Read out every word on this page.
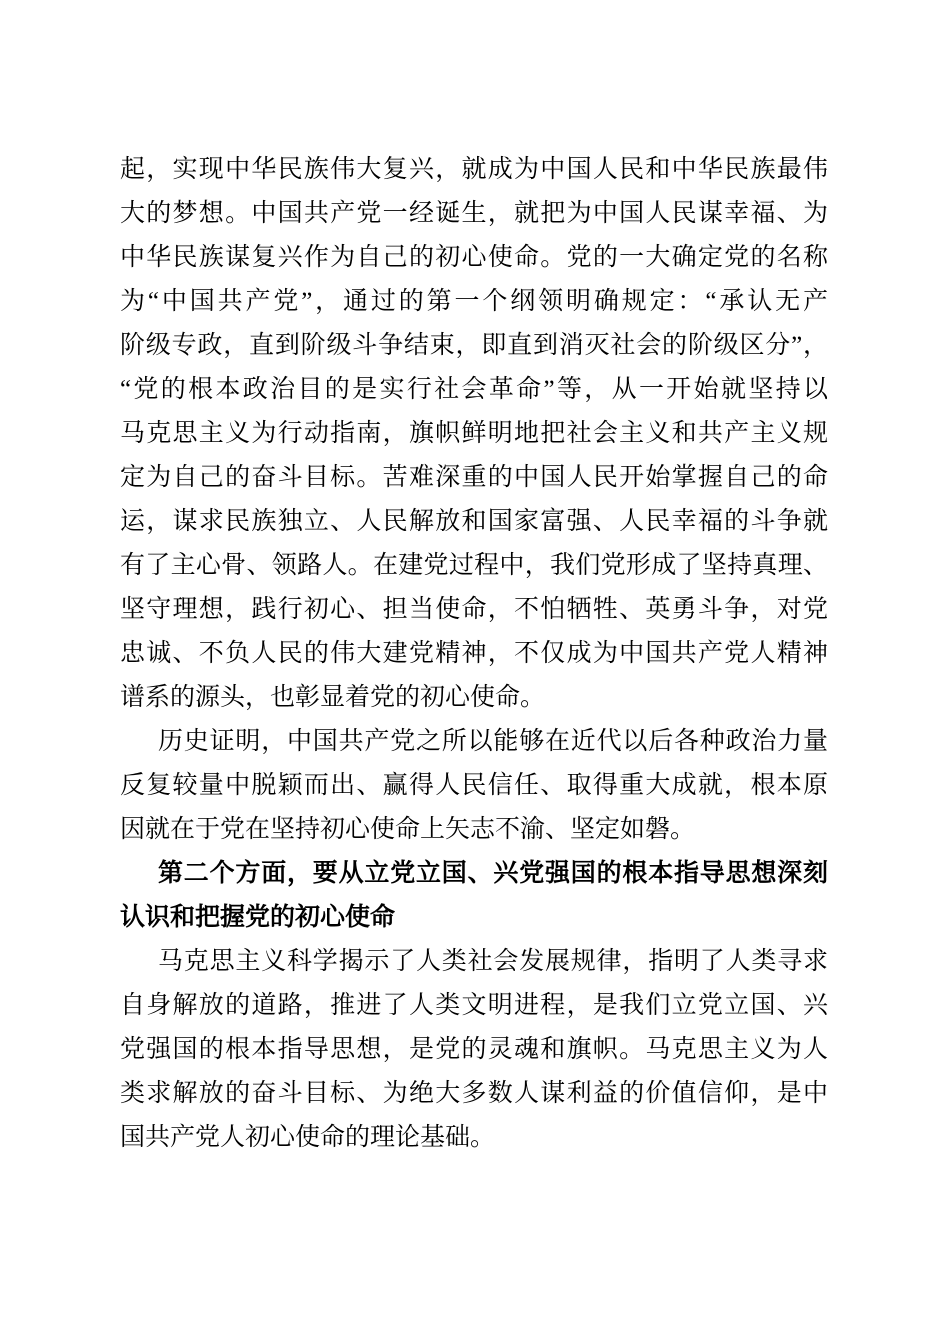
起，实现中华民族伟大复兴，就成为中国人民和中华民族最伟
大的梦想。中国共产党一经诞生，就把为中国人民谋幸福、为
中华民族谋复兴作为自己的初心使命。党的一大确定党的名称
为“中国共产党”，通过的第一个纲领明确规定：“承认无产
阶级专政，直到阶级斗争结束，即直到消灭社会的阶级区分”，
“党的根本政治目的是实行社会革命”等，从一开始就坚持以
马克思主义为行动指南，旗帜鲜明地把社会主义和共产主义规
定为自己的奋斗目标。苦难深重的中国人民开始掌握自己的命
运，谋求民族独立、人民解放和国家富强、人民幸福的斗争就
有了主心骨、领路人。在建党过程中，我们党形成了坚持真理、
坚守理想，践行初心、担当使命，不怕牺牲、英勇斗争，对党
忠诚、不负人民的伟大建党精神，不仅成为中国共产党人精神
谱系的源头，也彰显着党的初心使命。
历史证明，中国共产党之所以能够在近代以后各种政治力量
反复较量中脱颖而出、赢得人民信任、取得重大成就，根本原
因就在于党在坚持初心使命上矢志不渝、坚定如磐。
第二个方面，要从立党立国、兴党强国的根本指导思想深刻
认识和把握党的初心使命
马克思主义科学揭示了人类社会发展规律，指明了人类寻求
自身解放的道路，推进了人类文明进程，是我们立党立国、兴
党强国的根本指导思想，是党的灵魂和旗帜。马克思主义为人
类求解放的奋斗目标、为绝大多数人谋利益的价值信仰，是中
国共产党人初心使命的理论基础。
